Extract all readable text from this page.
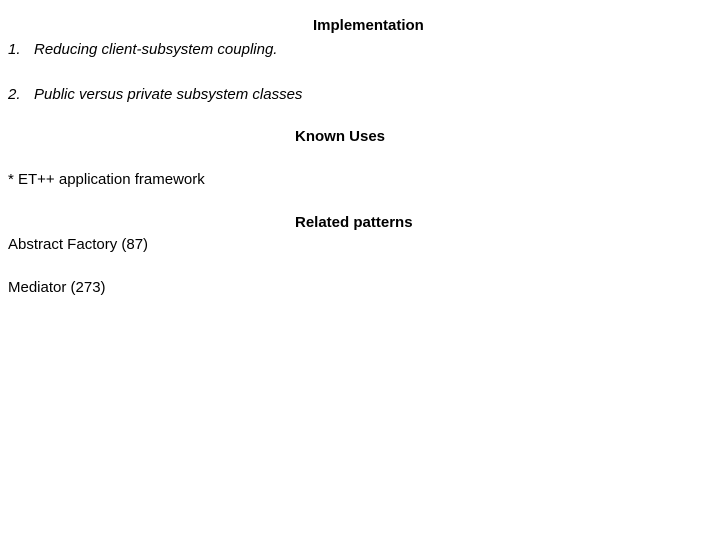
Implementation
1. Reducing client-subsystem coupling.
2. Public versus private subsystem classes
Known Uses
* ET++ application framework
Related patterns
Abstract Factory (87)
Mediator (273)
